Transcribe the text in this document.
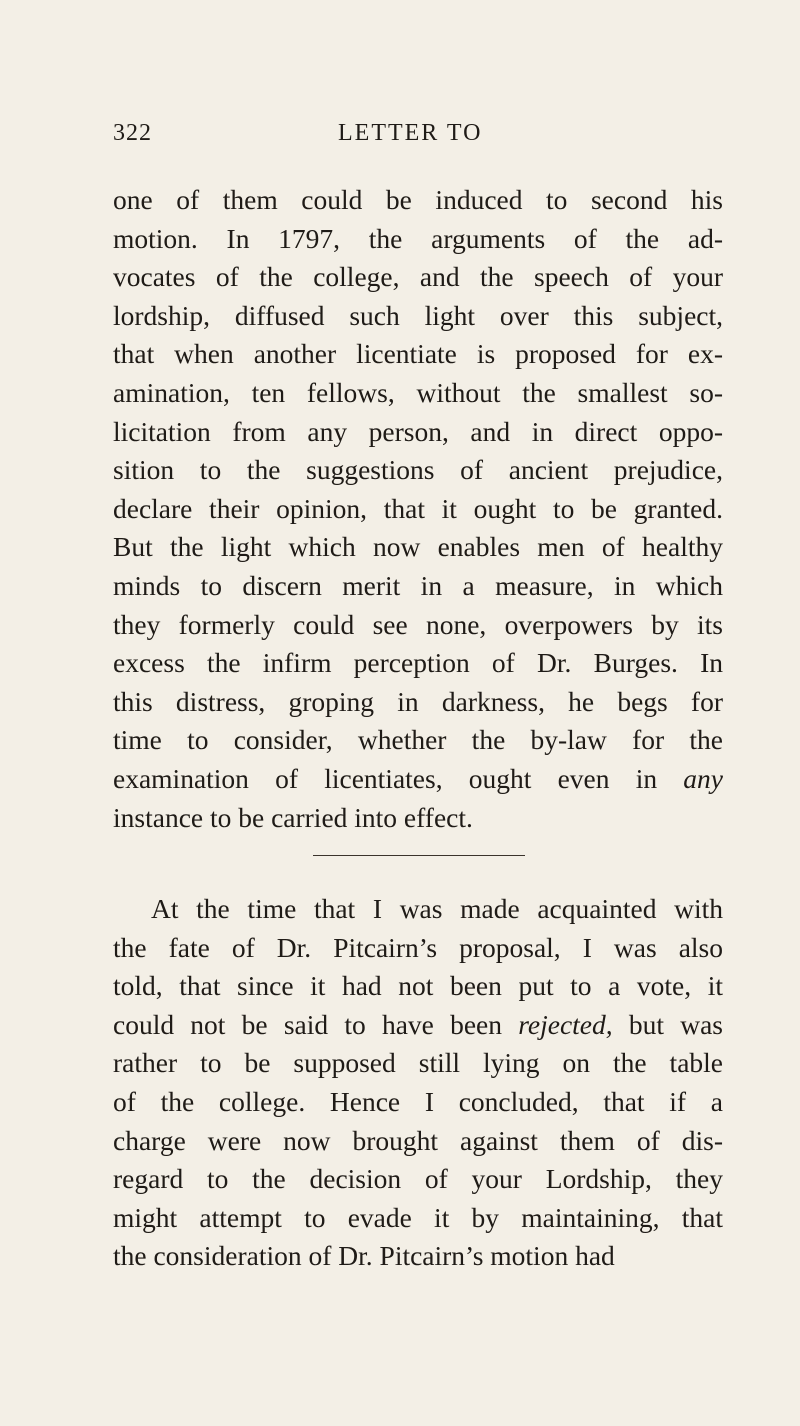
322	LETTER TO
one of them could be induced to second his
motion. In 1797, the arguments of the ad-
vocates of the college, and the speech of your
lordship, diffused such light over this subject,
that when another licentiate is proposed for ex-
amination, ten fellows, without the smallest so-
licitation from any person, and in direct oppo-
sition to the suggestions of ancient prejudice,
declare their opinion, that it ought to be granted.
But the light which now enables men of healthy
minds to discern merit in a measure, in which
they formerly could see none, overpowers by its
excess the infirm perception of Dr. Burges. In
this distress, groping in darkness, he begs for
time to consider, whether the by-law for the
examination of licentiates, ought even in any
instance to be carried into effect.
At the time that I was made acquainted with
the fate of Dr. Pitcairn’s proposal, I was also
told, that since it had not been put to a vote, it
could not be said to have been rejected, but was
rather to be supposed still lying on the table
of the college. Hence I concluded, that if a
charge were now brought against them of dis-
regard to the decision of your Lordship, they
might attempt to evade it by maintaining, that
the consideration of Dr. Pitcairn’s motion had
